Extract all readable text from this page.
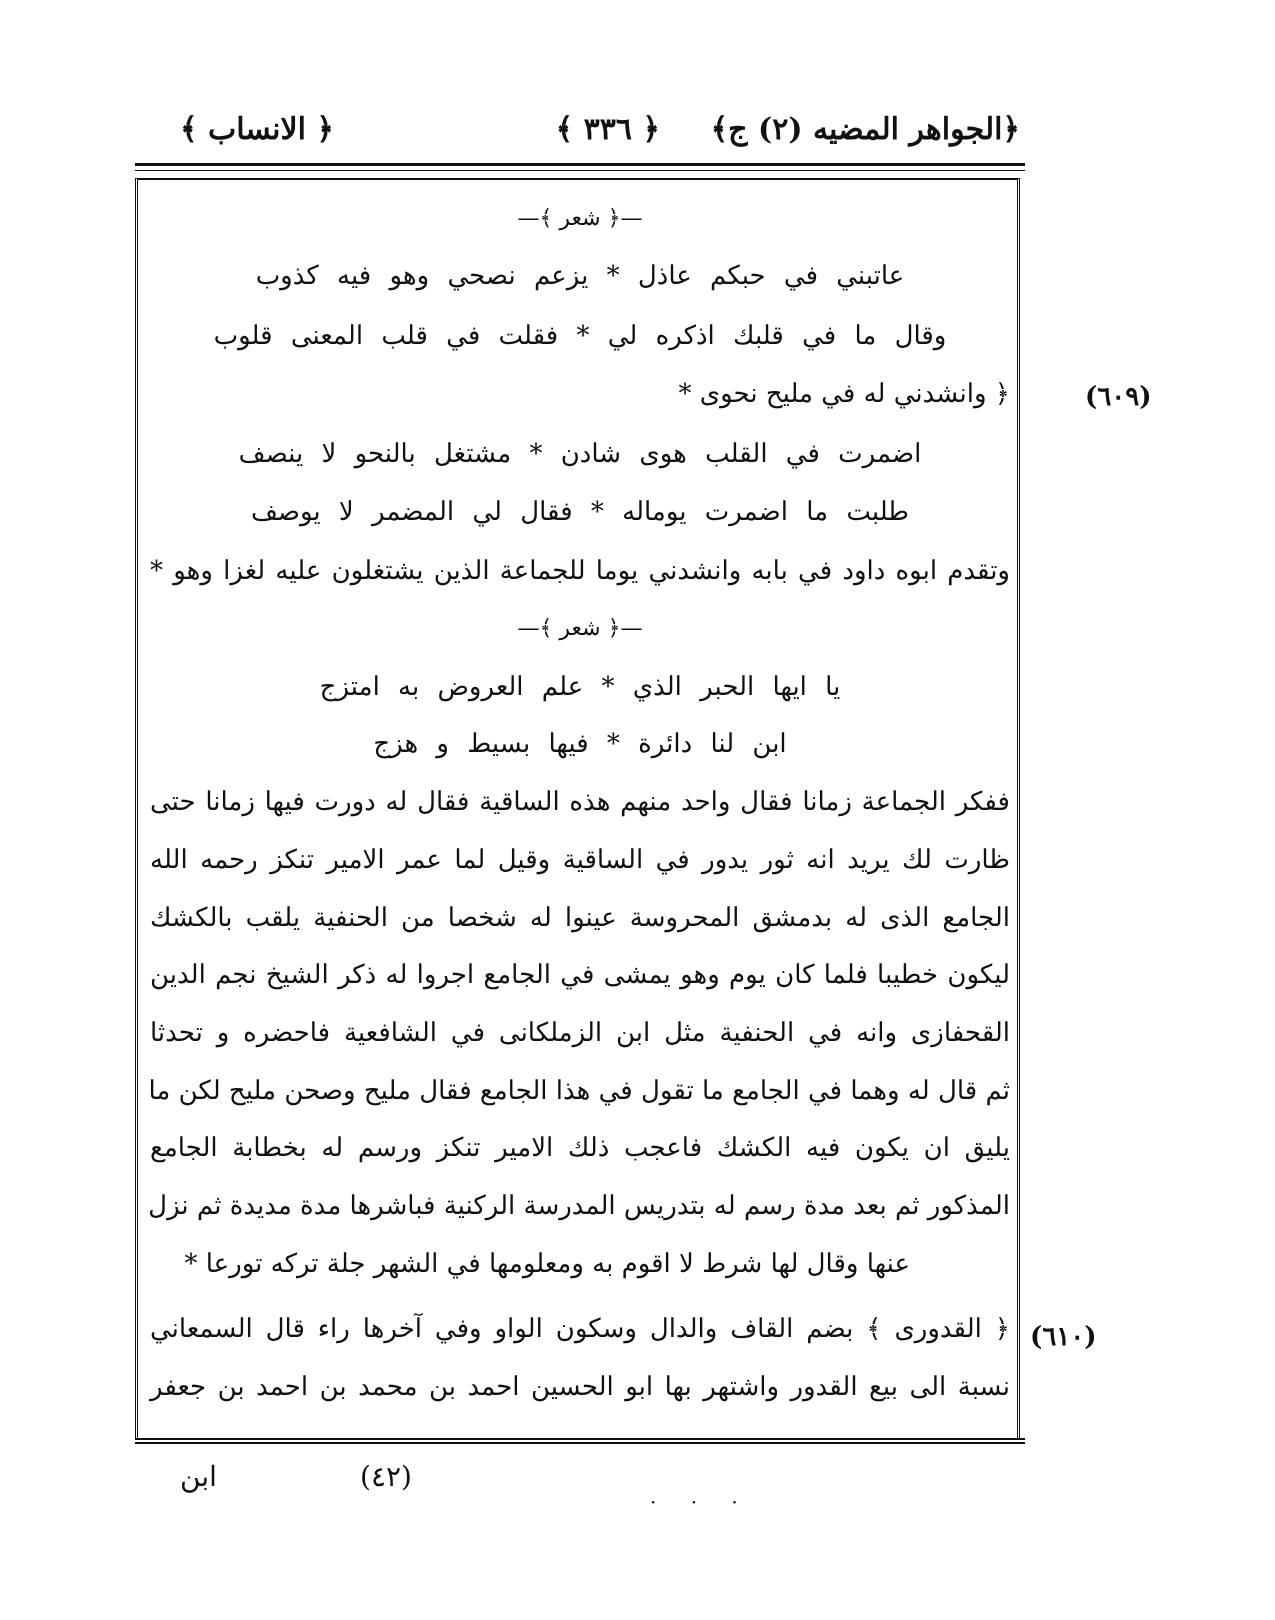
﴿الجواهر المضيه (٢) ج﴾
﴿ ٣٣٦ ﴾
﴿ الانساب ﴾
(٦٠٩)
(٦١٠)
—﴿ شعر ﴾—
عاتبني في حبكم عاذل * يزعم نصحي وهو فيه كذوب
وقال ما في قلبك اذكره لي * فقلت في قلب المعنى قلوب
﴿ وانشدني له في مليح نحوى *
اضمرت في القلب هوى شادن * مشتغل بالنحو لا ينصف
طلبت ما اضمرت يوماله * فقال لي المضمر لا يوصف
وتقدم ابوه داود في بابه وانشدني يوما للجماعة الذين يشتغلون عليه لغزا وهو *
—﴿ شعر ﴾—
يا ايها الحبر الذي * علم العروض به امتزج
ابن لنا دائرة * فيها بسيط و هزج
ففكر الجماعة زمانا فقال واحد منهم هذه الساقية فقال له دورت فيها زمانا حتى
ظارت لك يريد انه ثور يدور في الساقية وقيل لما عمر الامير تنكز رحمه الله
الجامع الذى له بدمشق المحروسة عينوا له شخصا من الحنفية يلقب بالكشك
ليكون خطيبا فلما كان يوم وهو يمشى في الجامع اجروا له ذكر الشيخ نجم الدين
القحفازى وانه في الحنفية مثل ابن الزملكانى في الشافعية فاحضره و تحدثا
ثم قال له وهما في الجامع ما تقول في هذا الجامع فقال مليح وصحن مليح لكن ما
يليق ان يكون فيه الكشك فاعجب ذلك الامير تنكز ورسم له بخطابة الجامع
المذكور ثم بعد مدة رسم له بتدريس المدرسة الركنية فباشرها مدة مديدة ثم نزل
عنها وقال لها شرط لا اقوم به ومعلومها في الشهر جلة تركه تورعا *
﴿ القدورى ﴾ بضم القاف والدال وسكون الواو وفي آخرها راء قال السمعاني
نسبة الى بيع القدور واشتهر بها ابو الحسين احمد بن محمد بن احمد بن جعفر
(٤٢)
ابن
· · ·
